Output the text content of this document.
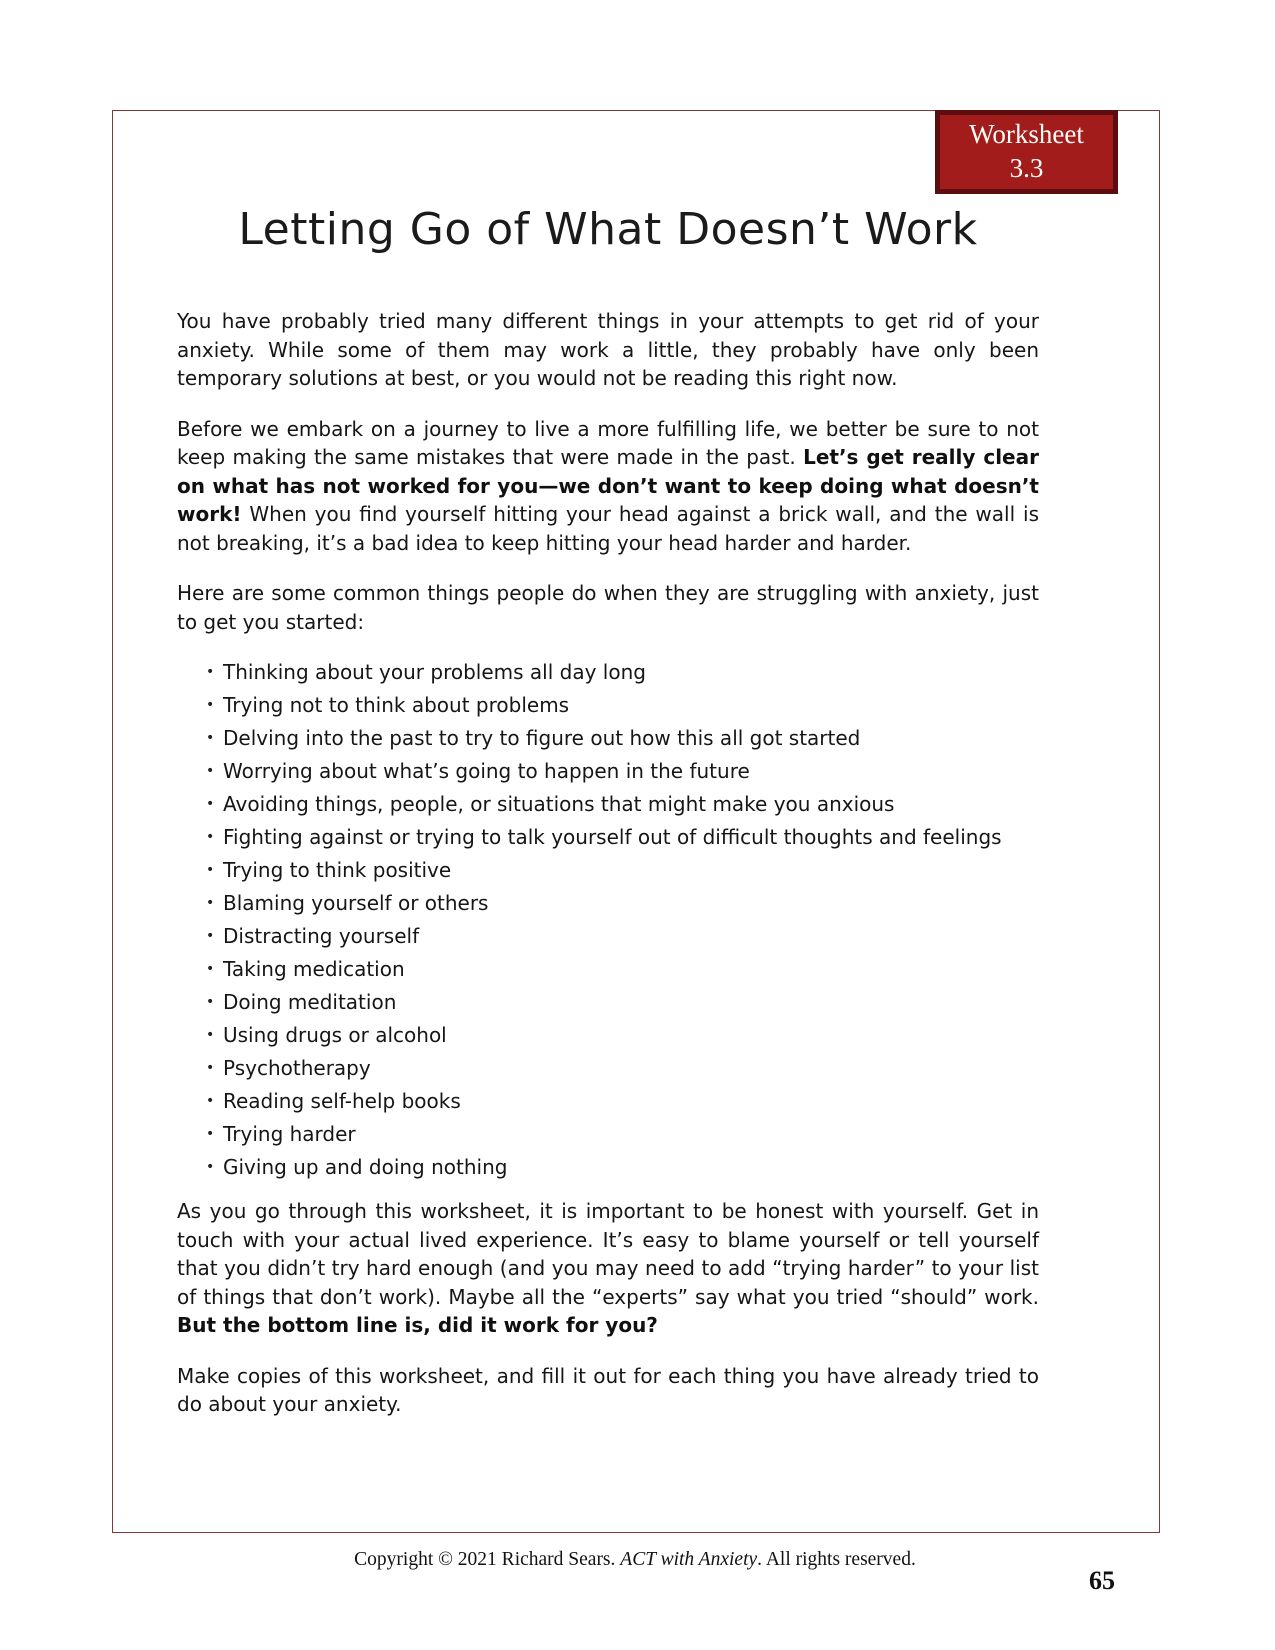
Worksheet
3.3
Letting Go of What Doesn’t Work

You have probably tried many different things in your attempts to get rid of your anxiety. While some of them may work a little, they probably have only been temporary solutions at best, or you would not be reading this right now.

Before we embark on a journey to live a more fulfilling life, we better be sure to not keep making the same mistakes that were made in the past. Let’s get really clear on what has not worked for you—we don’t want to keep doing what doesn’t work! When you find yourself hitting your head against a brick wall, and the wall is not breaking, it’s a bad idea to keep hitting your head harder and harder.

Here are some common things people do when they are struggling with anxiety, just to get you started:

• Thinking about your problems all day long
• Trying not to think about problems
• Delving into the past to try to figure out how this all got started
• Worrying about what’s going to happen in the future
• Avoiding things, people, or situations that might make you anxious
• Fighting against or trying to talk yourself out of difficult thoughts and feelings
• Trying to think positive
• Blaming yourself or others
• Distracting yourself
• Taking medication
• Doing meditation
• Using drugs or alcohol
• Psychotherapy
• Reading self-help books
• Trying harder
• Giving up and doing nothing

As you go through this worksheet, it is important to be honest with yourself. Get in touch with your actual lived experience. It’s easy to blame yourself or tell yourself that you didn’t try hard enough (and you may need to add “trying harder” to your list of things that don’t work). Maybe all the “experts” say what you tried “should” work. But the bottom line is, did it work for you?

Make copies of this worksheet, and fill it out for each thing you have already tried to do about your anxiety.

Copyright © 2021 Richard Sears. ACT with Anxiety. All rights reserved.
65
